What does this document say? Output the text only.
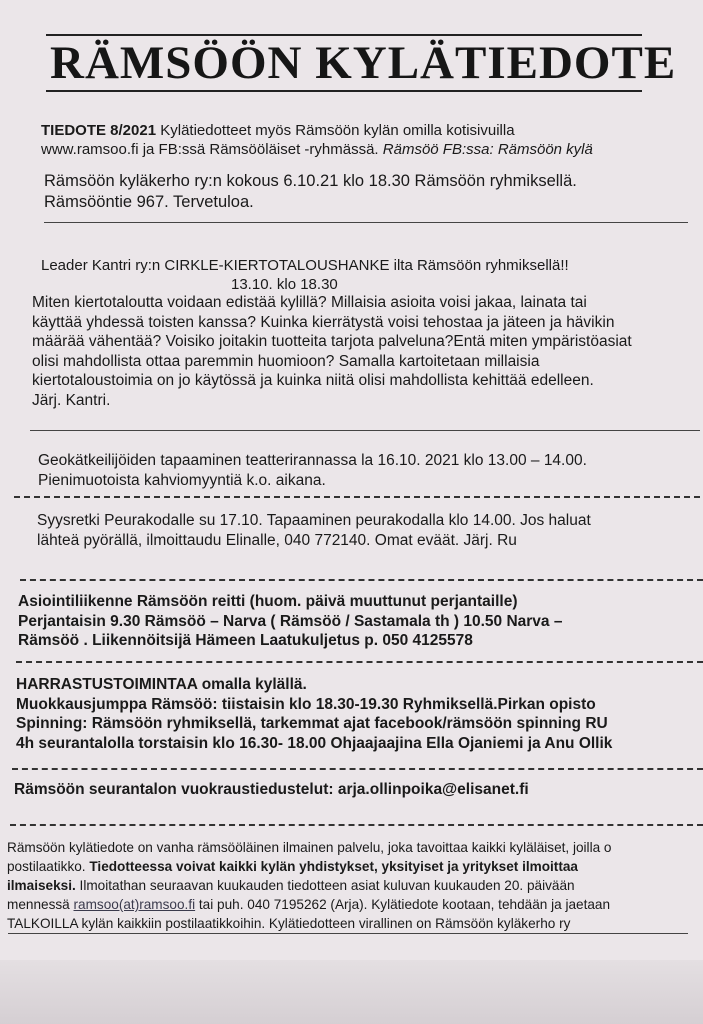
RÄMSÖÖN KYLÄTIEDOTE
TIEDOTE 8/2021 Kylätiedotteet myös Rämsöön kylän omilla kotisivuilla
www.ramsoo.fi ja FB:ssä Rämsööläiset -ryhmässä. Rämsöö FB:ssa: Rämsöön kylä
Rämsöön kyläkerho ry:n kokous 6.10.21 klo 18.30 Rämsöön ryhmiksellä.
Rämsööntie 967. Tervetuloa.
Leader Kantri ry:n CIRKLE-KIERTOTALOUSHANKE ilta Rämsöön ryhmiksellä!!
13.10. klo 18.30
Miten kiertotaloutta voidaan edistää kylillä? Millaisia asioita voisi jakaa, lainata tai
käyttää yhdessä toisten kanssa? Kuinka kierrätystä voisi tehostaa ja jäteen ja hävikin
määrää vähentää? Voisiko joitakin tuotteita tarjota palveluna?Entä miten ympäristöasiat
olisi mahdollista ottaa paremmin huomioon? Samalla kartoitetaan millaisia
kiertotaloustoimia on jo käytössä ja kuinka niitä olisi mahdollista kehittää edelleen.
Järj. Kantri.
Geokätkeilijöiden tapaaminen teatterirannassa la 16.10. 2021 klo 13.00 – 14.00.
Pienimuotoista kahviomyyntiä k.o. aikana.
Syysretki Peurakodalle su 17.10. Tapaaminen peurakodalla klo 14.00. Jos haluat
lähteä pyörällä, ilmoittaudu Elinalle, 040 772140. Omat eväät. Järj. Ru
Asiointiliikenne Rämsöön reitti (huom. päivä muuttunut perjantaille)
Perjantaisin 9.30 Rämsöö – Narva ( Rämsöö / Sastamala th ) 10.50 Narva –
Rämsöö . Liikennöitsijä Hämeen Laatukuljetus p. 050 4125578
HARRASTUSTOIMINTAA omalla kylällä.
Muokkausjumppa Rämsöö: tiistaisin klo 18.30-19.30 Ryhmiksellä.Pirkan opisto
Spinning: Rämsöön ryhmiksellä, tarkemmat ajat facebook/rämsöön spinning RU
4h seurantalolla torstaisin klo 16.30- 18.00 Ohjaajaajina Ella Ojaniemi ja Anu Ollik
Rämsöön seurantalon vuokraustiedustelut: arja.ollinpoika@elisanet.fi
Rämsöön kylätiedote on vanha rämsööläinen ilmainen palvelu, joka tavoittaa kaikki kyläläiset, joilla o
postilaatikko. Tiedotteessa voivat kaikki kylän yhdistykset, yksityiset ja yritykset ilmoittaa
ilmaiseksi. Ilmoitathan seuraavan kuukauden tiedotteen asiat kuluvan kuukauden 20. päivään
mennessä ramsoo(at)ramsoo.fi tai puh. 040 7195262 (Arja). Kylätiedote kootaan, tehdään ja jaetaan
TALKOILLA kylän kaikkiin postilaatikkoihin. Kylätiedotteen virallinen on Rämsöön kyläkerho ry
